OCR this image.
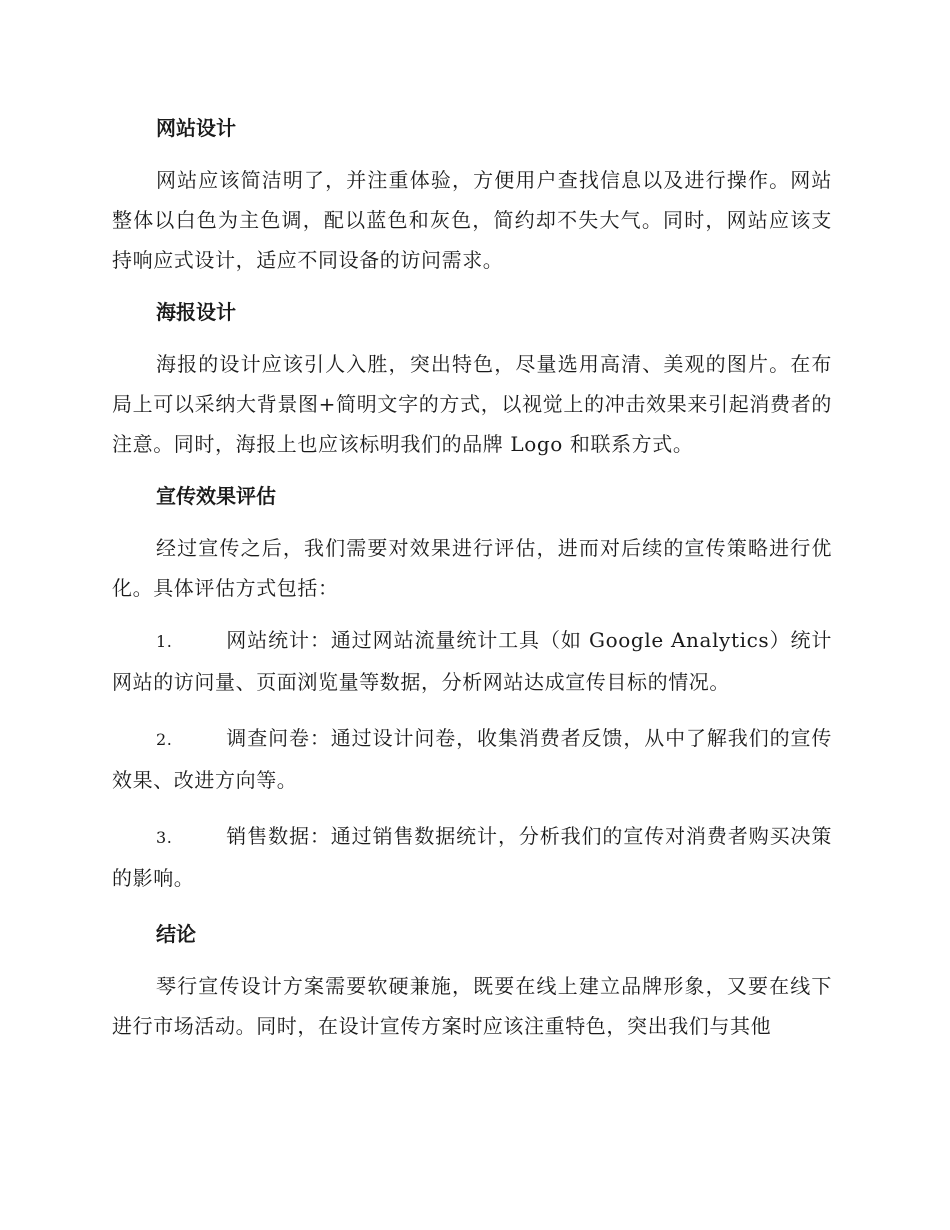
网站设计

网站应该简洁明了，并注重体验，方便用户查找信息以及进行操作。网站整体以白色为主色调，配以蓝色和灰色，简约却不失大气。同时，网站应该支持响应式设计，适应不同设备的访问需求。

海报设计

海报的设计应该引人入胜，突出特色，尽量选用高清、美观的图片。在布局上可以采纳大背景图+简明文字的方式，以视觉上的冲击效果来引起消费者的注意。同时，海报上也应该标明我们的品牌 Logo 和联系方式。

宣传效果评估

经过宣传之后，我们需要对效果进行评估，进而对后续的宣传策略进行优化。具体评估方式包括：

1.	网站统计：通过网站流量统计工具（如 Google Analytics）统计网站的访问量、页面浏览量等数据，分析网站达成宣传目标的情况。

2.	调查问卷：通过设计问卷，收集消费者反馈，从中了解我们的宣传效果、改进方向等。

3.	销售数据：通过销售数据统计，分析我们的宣传对消费者购买决策的影响。

结论

琴行宣传设计方案需要软硬兼施，既要在线上建立品牌形象，又要在线下进行市场活动。同时，在设计宣传方案时应该注重特色，突出我们与其他
